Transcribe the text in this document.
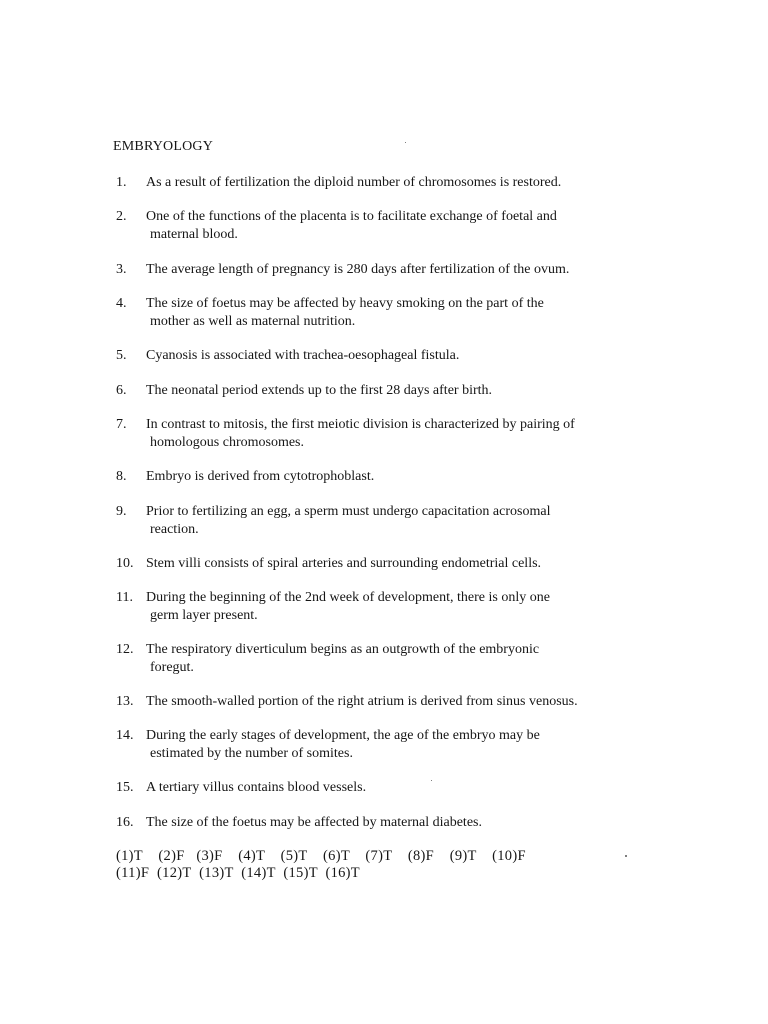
EMBRYOLOGY
1.	As a result of fertilization the diploid number of chromosomes is restored.
2.	One of the functions of the placenta is to facilitate exchange of foetal and
maternal blood.
3.	The average length of pregnancy is 280 days after fertilization of the ovum.
4.	The size of foetus may be affected by heavy smoking on the part of the
mother as well as maternal nutrition.
5.	Cyanosis is associated with trachea-oesophageal fistula.
6.	The neonatal period extends up to the first 28 days after birth.
7.	In contrast to mitosis, the first meiotic division is characterized by pairing of
homologous chromosomes.
8.	Embryo is derived from cytotrophoblast.
9.	Prior to fertilizing an egg, a sperm must undergo capacitation acrosomal
reaction.
10. Stem villi consists of spiral arteries and surrounding endometrial cells.
11. During the beginning of the 2nd week of development, there is only one
germ layer present.
12. The respiratory diverticulum begins as an outgrowth of the embryonic
foregut.
13. The smooth-walled portion of the right atrium is derived from sinus venosus.
14. During the early stages of development, the age of the embryo may be
estimated by the number of somites.
15. A tertiary villus contains blood vessels.
16. The size of the foetus may be affected by maternal diabetes.
(1)T    (2)F   (3)F    (4)T    (5)T    (6)T    (7)T    (8)F    (9)T    (10)F
(11)F  (12)T  (13)T  (14)T  (15)T  (16)T
